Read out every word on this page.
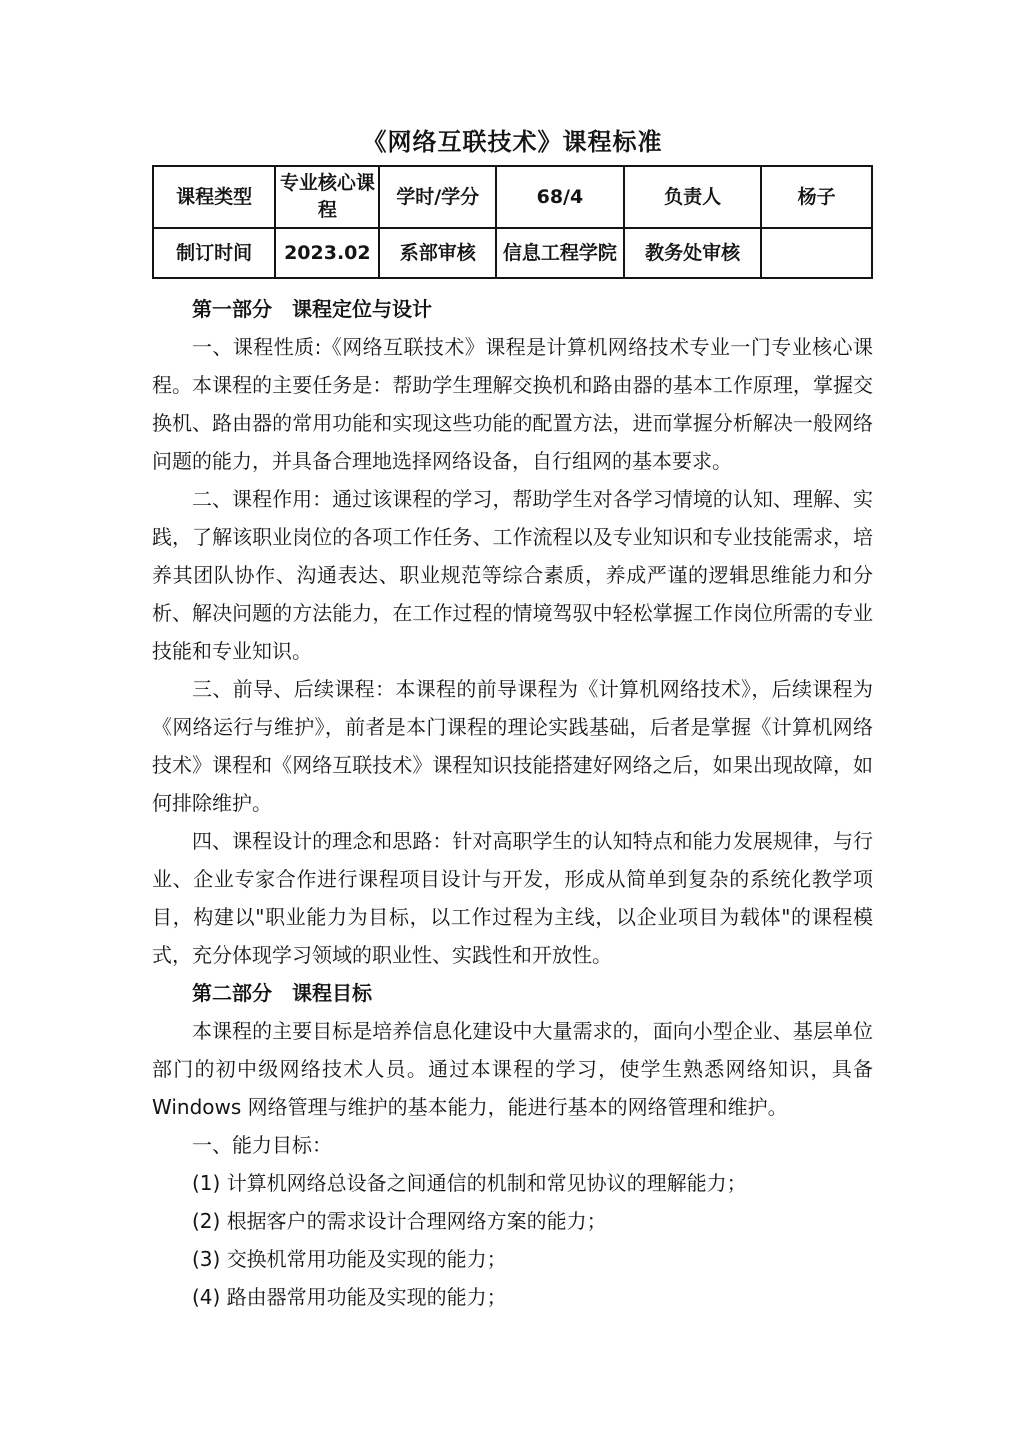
《网络互联技术》课程标准
课程类型	专业核心课程	学时/学分	68/4	负责人	杨子
制订时间	2023.02	系部审核	信息工程学院	教务处审核	

第一部分　课程定位与设计

一、课程性质:《网络互联技术》课程是计算机网络技术专业一门专业核心课程。本课程的主要任务是：帮助学生理解交换机和路由器的基本工作原理，掌握交换机、路由器的常用功能和实现这些功能的配置方法，进而掌握分析解决一般网络问题的能力，并具备合理地选择网络设备，自行组网的基本要求。

二、课程作用：通过该课程的学习，帮助学生对各学习情境的认知、理解、实践，了解该职业岗位的各项工作任务、工作流程以及专业知识和专业技能需求，培养其团队协作、沟通表达、职业规范等综合素质，养成严谨的逻辑思维能力和分析、解决问题的方法能力，在工作过程的情境驾驭中轻松掌握工作岗位所需的专业技能和专业知识。

三、前导、后续课程：本课程的前导课程为《计算机网络技术》，后续课程为《网络运行与维护》，前者是本门课程的理论实践基础，后者是掌握《计算机网络技术》课程和《网络互联技术》课程知识技能搭建好网络之后，如果出现故障，如何排除维护。

四、课程设计的理念和思路：针对高职学生的认知特点和能力发展规律，与行业、企业专家合作进行课程项目设计与开发，形成从简单到复杂的系统化教学项目，构建以"职业能力为目标，以工作过程为主线，以企业项目为载体"的课程模式，充分体现学习领域的职业性、实践性和开放性。

第二部分　课程目标

本课程的主要目标是培养信息化建设中大量需求的，面向小型企业、基层单位部门的初中级网络技术人员。通过本课程的学习，使学生熟悉网络知识，具备Windows 网络管理与维护的基本能力，能进行基本的网络管理和维护。

一、能力目标：

(1) 计算机网络总设备之间通信的机制和常见协议的理解能力；

(2) 根据客户的需求设计合理网络方案的能力；

(3) 交换机常用功能及实现的能力；

(4) 路由器常用功能及实现的能力；
